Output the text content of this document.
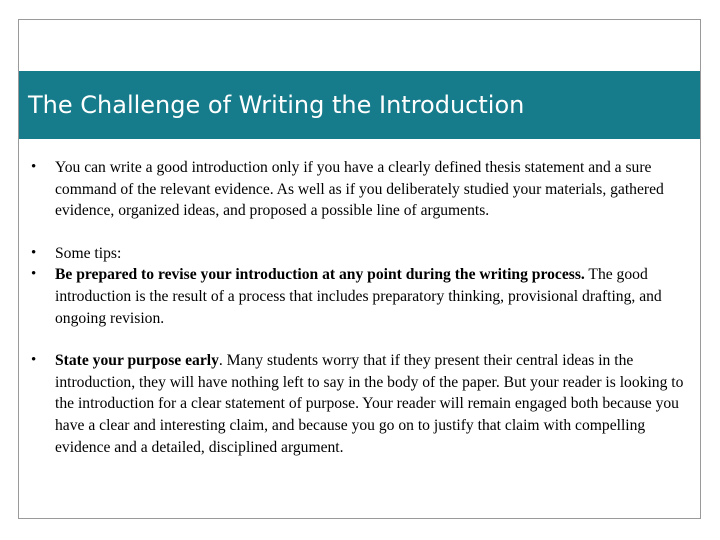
The Challenge of Writing the Introduction

• You can write a good introduction only if you have a clearly defined thesis statement and a sure command of the relevant evidence. As well as if you deliberately studied your materials, gathered evidence, organized ideas, and proposed a possible line of arguments.

• Some tips:

• Be prepared to revise your introduction at any point during the writing process. The good introduction is the result of a process that includes preparatory thinking, provisional drafting, and ongoing revision.

• State your purpose early. Many students worry that if they present their central ideas in the introduction, they will have nothing left to say in the body of the paper. But your reader is looking to the introduction for a clear statement of purpose. Your reader will remain engaged both because you have a clear and interesting claim, and because you go on to justify that claim with compelling evidence and a detailed, disciplined argument.
